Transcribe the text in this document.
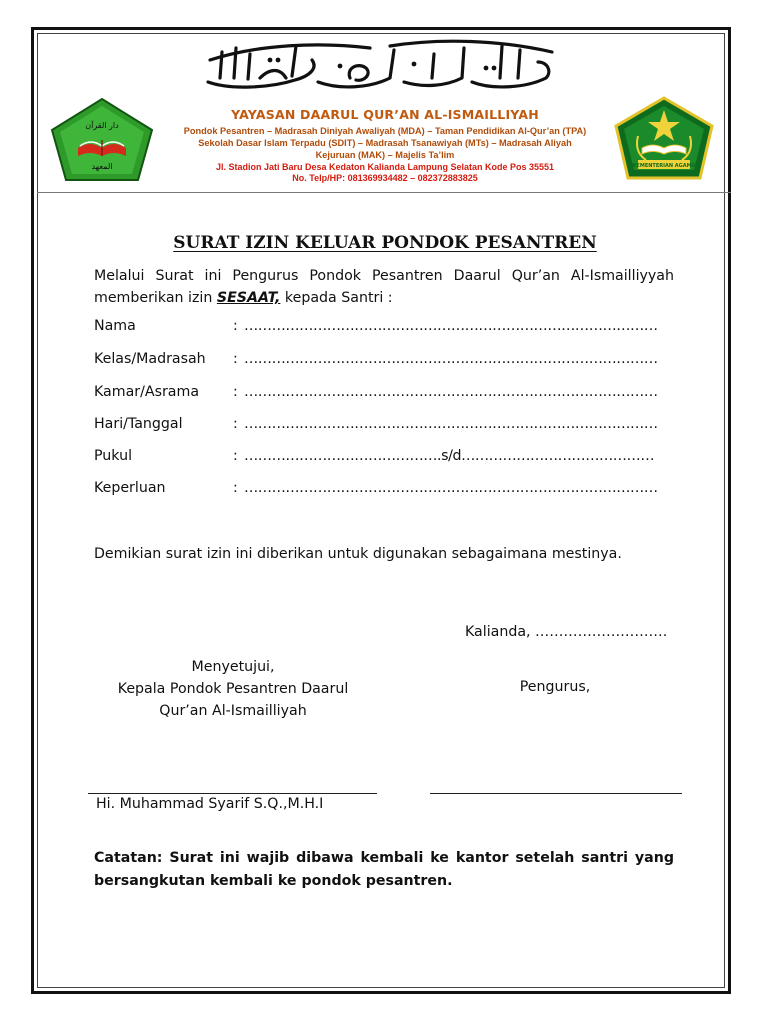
المعهد دار القرآن
دار القرآن
المعهد	KEMENTERIAN AGAMA
YAYASAN DAARUL QUR’AN AL-ISMAILLIYAH
Pondok Pesantren – Madrasah Diniyah Awaliyah (MDA) – Taman Pendidikan Al-Qur’an (TPA)
Sekolah Dasar Islam Terpadu (SDIT) – Madrasah Tsanawiyah (MTs) – Madrasah Aliyah
Kejuruan (MAK) – Majelis Ta’lim
Jl. Stadion Jati Baru Desa Kedaton Kalianda Lampung Selatan Kode Pos 35551
No. Telp/HP: 081369934482 – 082372883825
SURAT IZIN KELUAR PONDOK PESANTREN
Melalui Surat ini Pengurus Pondok Pesantren Daarul Qur’an Al-Ismailliyyah memberikan izin SESAAT, kepada Santri :
Nama	: ………………………………………………………………………………
Kelas/Madrasah : ………………………………………………………………………………
Kamar/Asrama : ………………………………………………………………………………
Hari/Tanggal	: ………………………………………………………………………………
Pukul	: …………………………………….s/d……………………………………
Keperluan	: ………………………………………………………………………………
Demikian surat izin ini diberikan untuk digunakan sebagaimana mestinya.
Kalianda, ……………………….
Menyetujui,
Kepala Pondok Pesantren Daarul
Qur’an Al-Ismailliyah
Pengurus,
Hi. Muhammad Syarif S.Q.,M.H.I
Catatan: Surat ini wajib dibawa kembali ke kantor setelah santri yang bersangkutan kembali ke pondok pesantren.
